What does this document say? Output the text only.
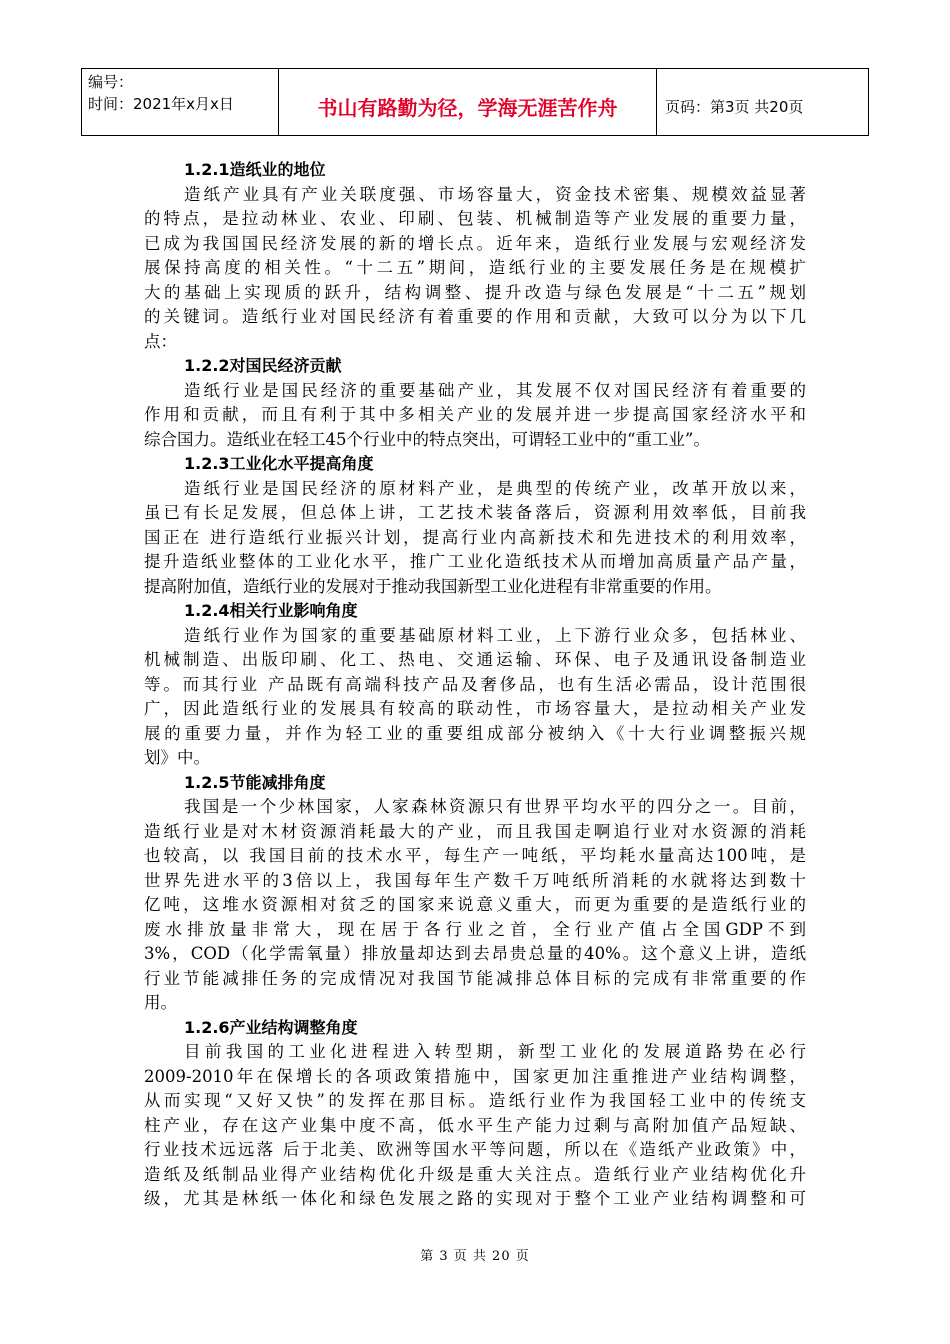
编号：
时间：2021年x月x日	书山有路勤为径，学海无涯苦作舟	页码：第3页 共20页
1.2.1造纸业的地位
造纸产业具有产业关联度强、市场容量大，资金技术密集、规模效益显著
的特点，是拉动林业、农业、印刷、包装、机械制造等产业发展的重要力量，
已成为我国国民经济发展的新的增长点。近年来，造纸行业发展与宏观经济发
展保持高度的相关性。“十二五”期间，造纸行业的主要发展任务是在规模扩
大的基础上实现质的跃升，结构调整、提升改造与绿色发展是“十二五”规划
的关键词。造纸行业对国民经济有着重要的作用和贡献，大致可以分为以下几
点：
1.2.2对国民经济贡献
造纸行业是国民经济的重要基础产业，其发展不仅对国民经济有着重要的
作用和贡献，而且有利于其中多相关产业的发展并进一步提高国家经济水平和
综合国力。造纸业在轻工45个行业中的特点突出，可谓轻工业中的“重工业”。
1.2.3工业化水平提高角度
造纸行业是国民经济的原材料产业，是典型的传统产业，改革开放以来，
虽已有长足发展，但总体上讲，工艺技术装备落后，资源利用效率低，目前我
国正在 进行造纸行业振兴计划，提高行业内高新技术和先进技术的利用效率，
提升造纸业整体的工业化水平，推广工业化造纸技术从而增加高质量产品产量，
提高附加值，造纸行业的发展对于推动我国新型工业化进程有非常重要的作用。
1.2.4相关行业影响角度
造纸行业作为国家的重要基础原材料工业，上下游行业众多，包括林业、
机械制造、出版印刷、化工、热电、交通运输、环保、电子及通讯设备制造业
等。而其行业 产品既有高端科技产品及奢侈品，也有生活必需品，设计范围很
广，因此造纸行业的发展具有较高的联动性，市场容量大，是拉动相关产业发
展的重要力量，并作为轻工业的重要组成部分被纳入《十大行业调整振兴规
划》中。
1.2.5节能减排角度
我国是一个少林国家，人家森林资源只有世界平均水平的四分之一。目前，
造纸行业是对木材资源消耗最大的产业，而且我国走啊追行业对水资源的消耗
也较高，以 我国目前的技术水平，每生产一吨纸，平均耗水量高达100吨，是
世界先进水平的3倍以上，我国每年生产数千万吨纸所消耗的水就将达到数十
亿吨，这堆水资源相对贫乏的国家来说意义重大，而更为重要的是造纸行业的
废水排放量非常大，现在居于各行业之首，全行业产值占全国GDP不到
3%，COD（化学需氧量）排放量却达到去昂贵总量的40%。这个意义上讲，造纸
行业节能减排任务的完成情况对我国节能减排总体目标的完成有非常重要的作
用。
1.2.6产业结构调整角度
目前我国的工业化进程进入转型期，新型工业化的发展道路势在必行
2009-2010年在保增长的各项政策措施中，国家更加注重推进产业结构调整，
从而实现“又好又快”的发挥在那目标。造纸行业作为我国轻工业中的传统支
柱产业，存在这产业集中度不高，低水平生产能力过剩与高附加值产品短缺、
行业技术远远落 后于北美、欧洲等国水平等问题，所以在《造纸产业政策》中，
造纸及纸制品业得产业结构优化升级是重大关注点。造纸行业产业结构优化升
级，尤其是林纸一体化和绿色发展之路的实现对于整个工业产业结构调整和可
第 3 页 共 20 页
